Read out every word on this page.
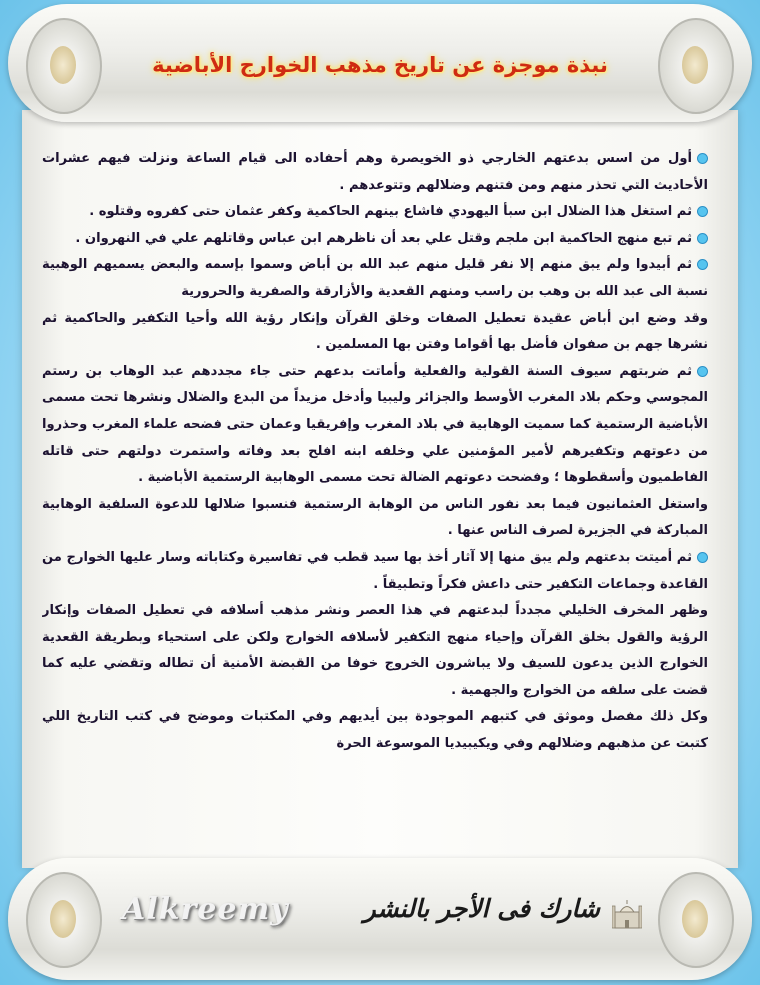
نبذة موجزة عن تاريخ مذهب الخوارج الأباضية

أول من اسس بدعتهم الخارجي ذو الخويصرة وهم أحفاده الى قيام الساعة ونزلت فيهم عشرات الأحاديث التي تحذر منهم ومن فتنهم وضلالهم وتتوعدهم .

ثم استغل هذا الضلال ابن سبأ اليهودي فاشاع بينهم الحاكمية وكفر عثمان حتى كفروه وقتلوه .

ثم تبع منهج الحاكمية ابن ملجم وقتل علي بعد أن ناظرهم ابن عباس وقاتلهم علي في النهروان .

ثم أبيدوا ولم يبق منهم إلا نفر قليل منهم عبد الله بن أباض وسموا بإسمه والبعض يسميهم الوهبية نسبة الى عبد الله بن وهب بن راسب ومنهم القعدية والأزارقة والصفرية والحرورية

وقد وضع ابن أباض عقيدة تعطيل الصفات وخلق القرآن وإنكار رؤية الله وأحيا التكفير والحاكمية ثم نشرها جهم بن صفوان فأضل بها أقواما وفتن بها المسلمين .

ثم ضربتهم سيوف السنة القولية والفعلية وأماتت بدعهم حتى جاء مجددهم عبد الوهاب بن رستم المجوسي وحكم بلاد المغرب الأوسط والجزائر وليبيا وأدخل مزيداً من البدع والضلال ونشرها تحت مسمى الأباضية الرستمية كما سميت الوهابية في بلاد المغرب وإفريقيا وعمان حتى فضحه علماء المغرب وحذروا من دعوتهم وتكفيرهم لأمير المؤمنين علي وخلفه ابنه افلح بعد وفاته واستمرت دولتهم حتى قاتله الفاطميون وأسقطوها ؛ وفضحت دعوتهم الضالة تحت مسمى الوهابية الرستمية الأباضية .

واستغل العثمانيون فيما بعد نفور الناس من الوهابة الرستمية فنسبوا ضلالها للدعوة السلفية الوهابية المباركة في الجزيرة لصرف الناس عنها .

ثم أميتت بدعتهم ولم يبق منها إلا آثار أخذ بها سيد قطب في تفاسيرة وكتاباته وسار عليها الخوارج من القاعدة وجماعات التكفير حتى داعش فكراً وتطبيقاً .

وظهر المخرف الخليلي مجدداً لبدعتهم في هذا العصر ونشر مذهب أسلافه في تعطيل الصفات وإنكار الرؤية والقول بخلق القرآن وإحياء منهج التكفير لأسلافه الخوارج ولكن على استحياء وبطريقة القعدية الخوارج الذين يدعون للسيف ولا يباشرون الخروج خوفا من القبضة الأمنية أن تطاله وتقضي عليه كما قضت على سلفه من الخوارج والجهمية .

وكل ذلك مفصل وموثق في كتبهم الموجودة بين أيديهم وفي المكتبات وموضح في كتب التاريخ اللي كتبت عن مذهبهم وضلالهم وفي ويكيبيديا الموسوعة الحرة

Alkreemy	شارك فى الأجر بالنشر
